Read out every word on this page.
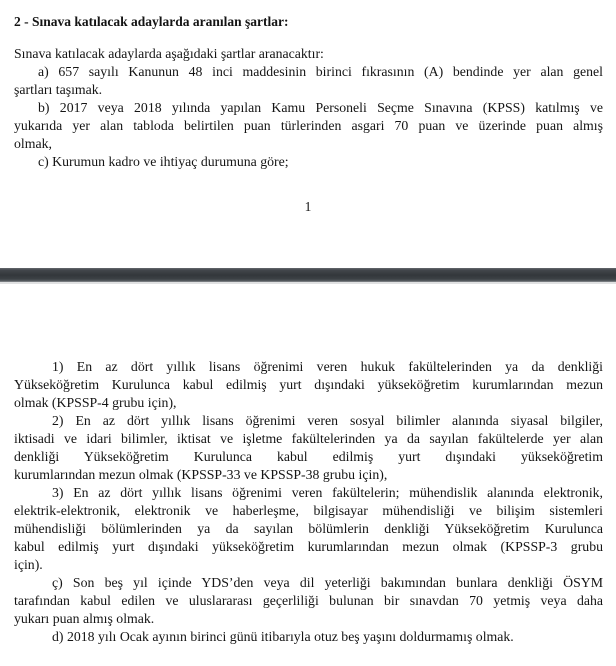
2 - Sınava katılacak adaylarda aranılan şartlar:
Sınava katılacak adaylarda aşağıdaki şartlar aranacaktır:
a) 657 sayılı Kanunun 48 inci maddesinin birinci fıkrasının (A) bendinde yer alan genel
şartları taşımak.
b) 2017 veya 2018 yılında yapılan Kamu Personeli Seçme Sınavına (KPSS) katılmış ve
yukarıda yer alan tabloda belirtilen puan türlerinden asgari 70 puan ve üzerinde puan almış
olmak,
c) Kurumun kadro ve ihtiyaç durumuna göre;
1
1) En az dört yıllık lisans öğrenimi veren hukuk fakültelerinden ya da denkliği
Yükseköğretim Kurulunca kabul edilmiş yurt dışındaki yükseköğretim kurumlarından mezun
olmak (KPSSP-4 grubu için),
2) En az dört yıllık lisans öğrenimi veren sosyal bilimler alanında siyasal bilgiler,
iktisadi ve idari bilimler, iktisat ve işletme fakültelerinden ya da sayılan fakültelerde yer alan
denkliği Yükseköğretim Kurulunca kabul edilmiş yurt dışındaki yükseköğretim
kurumlarından mezun olmak (KPSSP-33 ve KPSSP-38 grubu için),
3) En az dört yıllık lisans öğrenimi veren fakültelerin; mühendislik alanında elektronik,
elektrik-elektronik, elektronik ve haberleşme, bilgisayar mühendisliği ve bilişim sistemleri
mühendisliği bölümlerinden ya da sayılan bölümlerin denkliği Yükseköğretim Kurulunca
kabul edilmiş yurt dışındaki yükseköğretim kurumlarından mezun olmak (KPSSP-3 grubu
için).
ç) Son beş yıl içinde YDS’den veya dil yeterliği bakımından bunlara denkliği ÖSYM
tarafından kabul edilen ve uluslararası geçerliliği bulunan bir sınavdan 70 yetmiş veya daha
yukarı puan almış olmak.
d) 2018 yılı Ocak ayının birinci günü itibarıyla otuz beş yaşını doldurmamış olmak.
